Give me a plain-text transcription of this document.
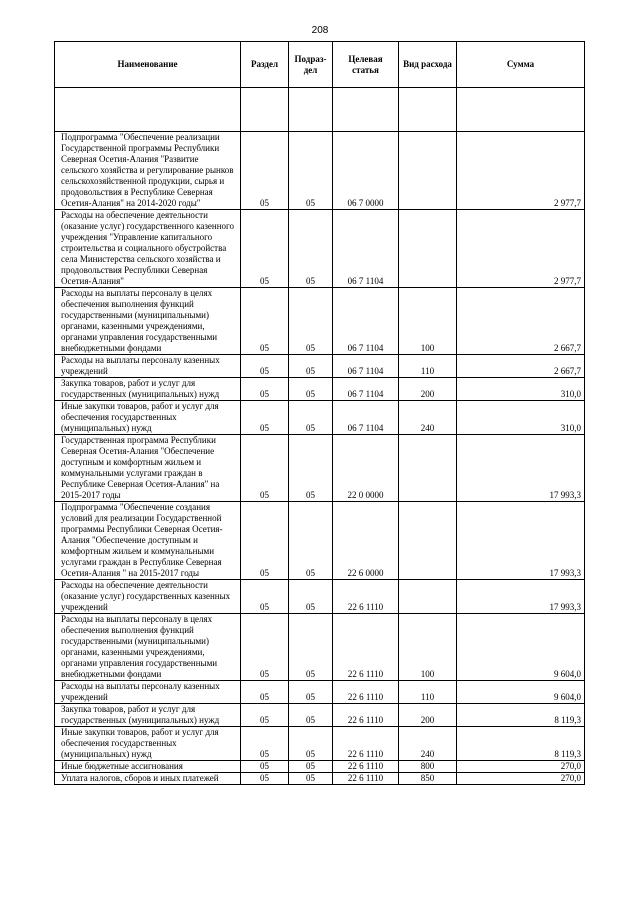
208
Наименование	Раздел	Подраз-дел	Целевая статья	Вид расхода	Сумма

Подпрограмма "Обеспечение реализации Государственной программы Республики Северная Осетия-Алания "Развитие сельского хозяйства и регулирование рынков сельскохозяйственной продукции, сырья и продовольствия в Республике Северная Осетия-Алания" на 2014-2020 годы"	05	05	06 7 0000		2 977,7
Расходы на обеспечение деятельности (оказание услуг) государственного казенного учреждения "Управление капитального строительства и социального обустройства села Министерства сельского хозяйства и продовольствия Республики Северная Осетия-Алания"	05	05	06 7 1104		2 977,7
Расходы на выплаты персоналу в целях обеспечения выполнения функций государственными (муниципальными) органами, казенными учреждениями, органами управления государственными внебюджетными фондами	05	05	06 7 1104	100	2 667,7
Расходы на выплаты персоналу казенных учреждений	05	05	06 7 1104	110	2 667,7
Закупка товаров, работ и услуг для государственных (муниципальных) нужд	05	05	06 7 1104	200	310,0
Иные закупки товаров, работ и услуг для обеспечения государственных (муниципальных) нужд	05	05	06 7 1104	240	310,0
Государственная программа Республики Северная Осетия-Алания "Обеспечение доступным и комфортным жильем и коммунальными услугами граждан в Республике Северная Осетия-Алания" на 2015-2017 годы	05	05	22 0 0000		17 993,3
Подпрограмма "Обеспечение создания условий для реализации Государственной программы Республики Северная Осетия-Алания "Обеспечение доступным и комфортным жильем и коммунальными услугами граждан в Республике Северная Осетия-Алания " на 2015-2017 годы	05	05	22 6 0000		17 993,3
Расходы на обеспечение деятельности (оказание услуг) государственных казенных учреждений	05	05	22 6 1110		17 993,3
Расходы на выплаты персоналу в целях обеспечения выполнения функций государственными (муниципальными) органами, казенными учреждениями, органами управления государственными внебюджетными фондами	05	05	22 6 1110	100	9 604,0
Расходы на выплаты персоналу казенных учреждений	05	05	22 6 1110	110	9 604,0
Закупка товаров, работ и услуг для государственных (муниципальных) нужд	05	05	22 6 1110	200	8 119,3
Иные закупки товаров, работ и услуг для обеспечения государственных (муниципальных) нужд	05	05	22 6 1110	240	8 119,3
Иные бюджетные ассигнования	05	05	22 6 1110	800	270,0
Уплата налогов, сборов и иных платежей	05	05	22 6 1110	850	270,0
